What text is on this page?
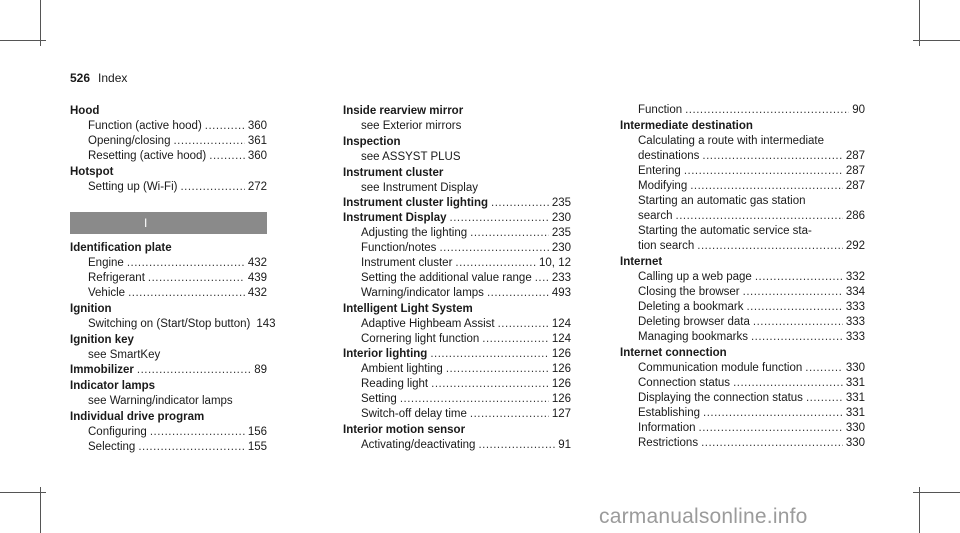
526 Index
Hood
Function (active hood) .....	360
Opening/closing .....	361
Resetting (active hood) .....	360
Hotspot
Setting up (Wi-Fi) .....	272
I
Identification plate
Engine .....	432
Refrigerant .....	439
Vehicle .....	432
Ignition
Switching on (Start/Stop button) 143
Ignition key
see SmartKey
Immobilizer .....	89
Indicator lamps
see Warning/indicator lamps
Individual drive program
Configuring .....	156
Selecting .....	155
Inside rearview mirror
see Exterior mirrors
Inspection
see ASSYST PLUS
Instrument cluster
see Instrument Display
Instrument cluster lighting .....	235
Instrument Display .....	230
Adjusting the lighting .....	235
Function/notes .....	230
Instrument cluster .....	10, 12
Setting the additional value range ..... 233
Warning/indicator lamps .....	493
Intelligent Light System
Adaptive Highbeam Assist .....	124
Cornering light function .....	124
Interior lighting .....	126
Ambient lighting .....	126
Reading light .....	126
Setting .....	126
Switch-off delay time .....	127
Interior motion sensor
Activating/deactivating .....	91
Function .....	90
Intermediate destination
Calculating a route with intermediate
destinations .....	287
Entering .....	287
Modifying .....	287
Starting an automatic gas station
search .....	286
Starting the automatic service sta-
tion search .....	292
Internet
Calling up a web page .....	332
Closing the browser .....	334
Deleting a bookmark .....	333
Deleting browser data .....	333
Managing bookmarks .....	333
Internet connection
Communication module function .....	330
Connection status .....	331
Displaying the connection status .....	331
Establishing .....	331
Information .....	330
Restrictions .....	330
carmanualsonline.info
